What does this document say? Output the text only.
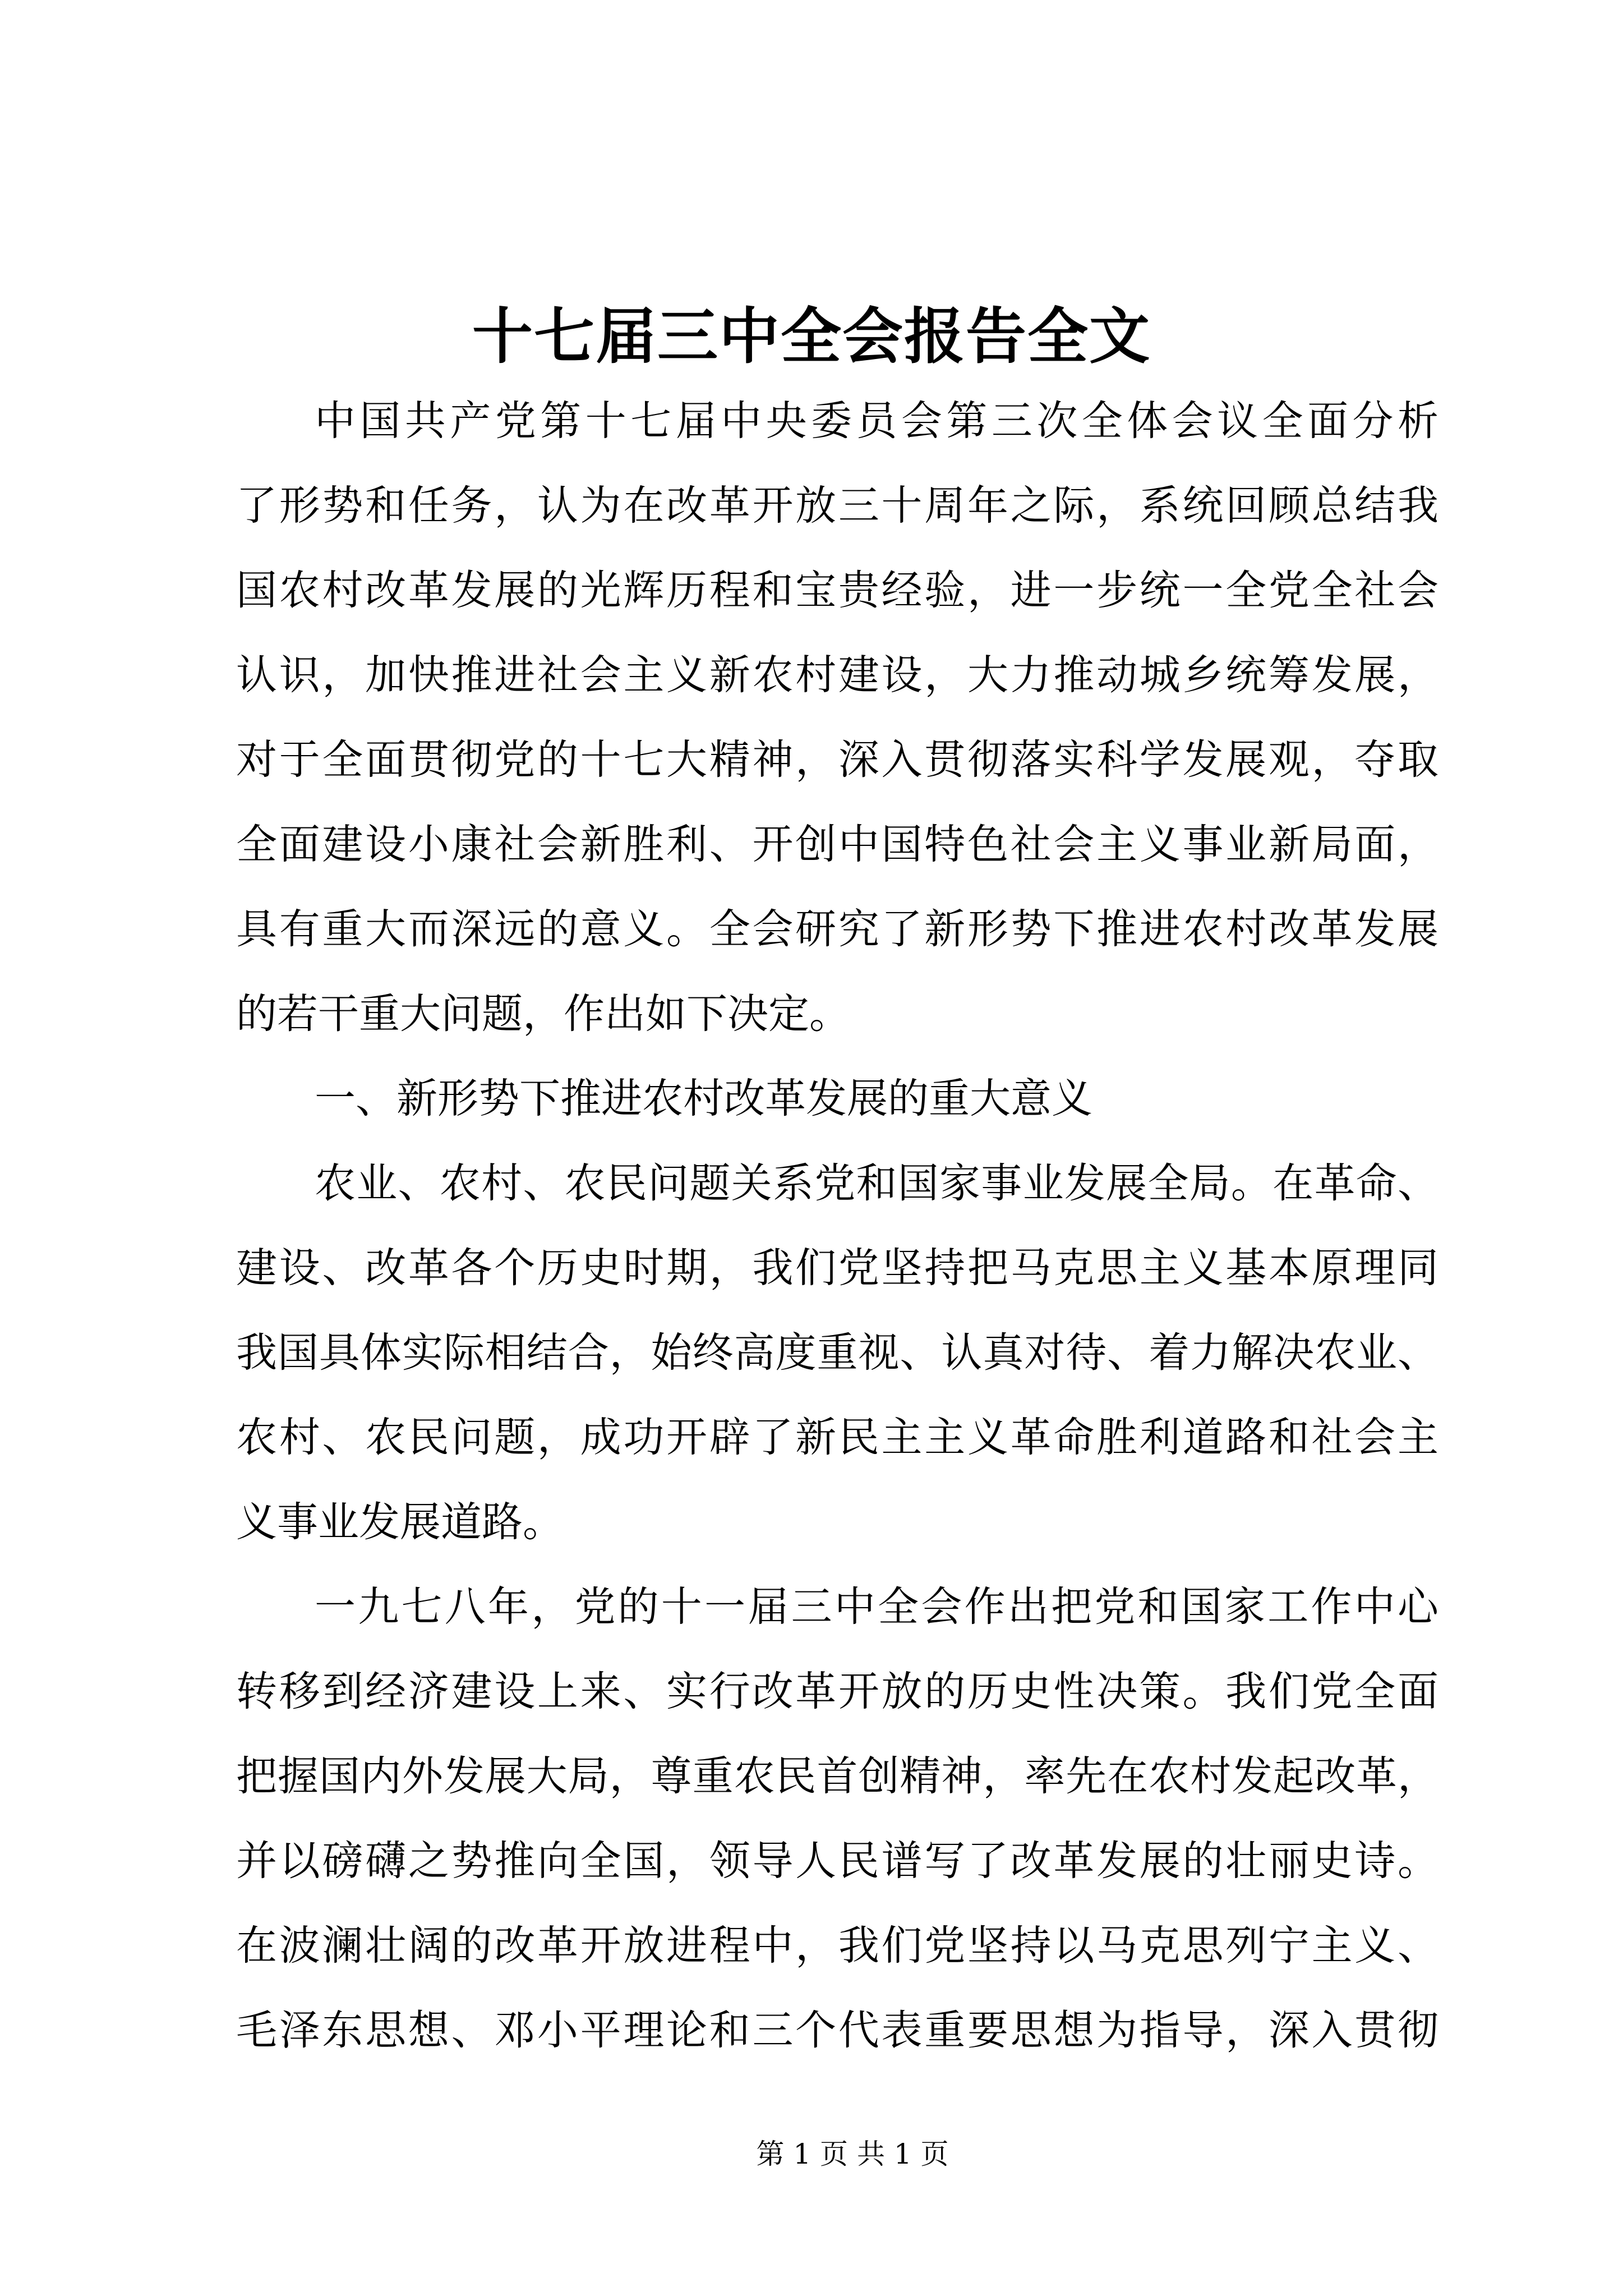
十七届三中全会报告全文
中国共产党第十七届中央委员会第三次全体会议全面分析
了形势和任务，认为在改革开放三十周年之际，系统回顾总结我
国农村改革发展的光辉历程和宝贵经验，进一步统一全党全社会
认识，加快推进社会主义新农村建设，大力推动城乡统筹发展，
对于全面贯彻党的十七大精神，深入贯彻落实科学发展观，夺取
全面建设小康社会新胜利、开创中国特色社会主义事业新局面，
具有重大而深远的意义。全会研究了新形势下推进农村改革发展
的若干重大问题，作出如下决定。
一、新形势下推进农村改革发展的重大意义
农业、农村、农民问题关系党和国家事业发展全局。在革命、
建设、改革各个历史时期，我们党坚持把马克思主义基本原理同
我国具体实际相结合，始终高度重视、认真对待、着力解决农业、
农村、农民问题，成功开辟了新民主主义革命胜利道路和社会主
义事业发展道路。
一九七八年，党的十一届三中全会作出把党和国家工作中心
转移到经济建设上来、实行改革开放的历史性决策。我们党全面
把握国内外发展大局，尊重农民首创精神，率先在农村发起改革，
并以磅礴之势推向全国，领导人民谱写了改革发展的壮丽史诗。
在波澜壮阔的改革开放进程中，我们党坚持以马克思列宁主义、
毛泽东思想、邓小平理论和三个代表重要思想为指导，深入贯彻
第 1 页 共 1 页
